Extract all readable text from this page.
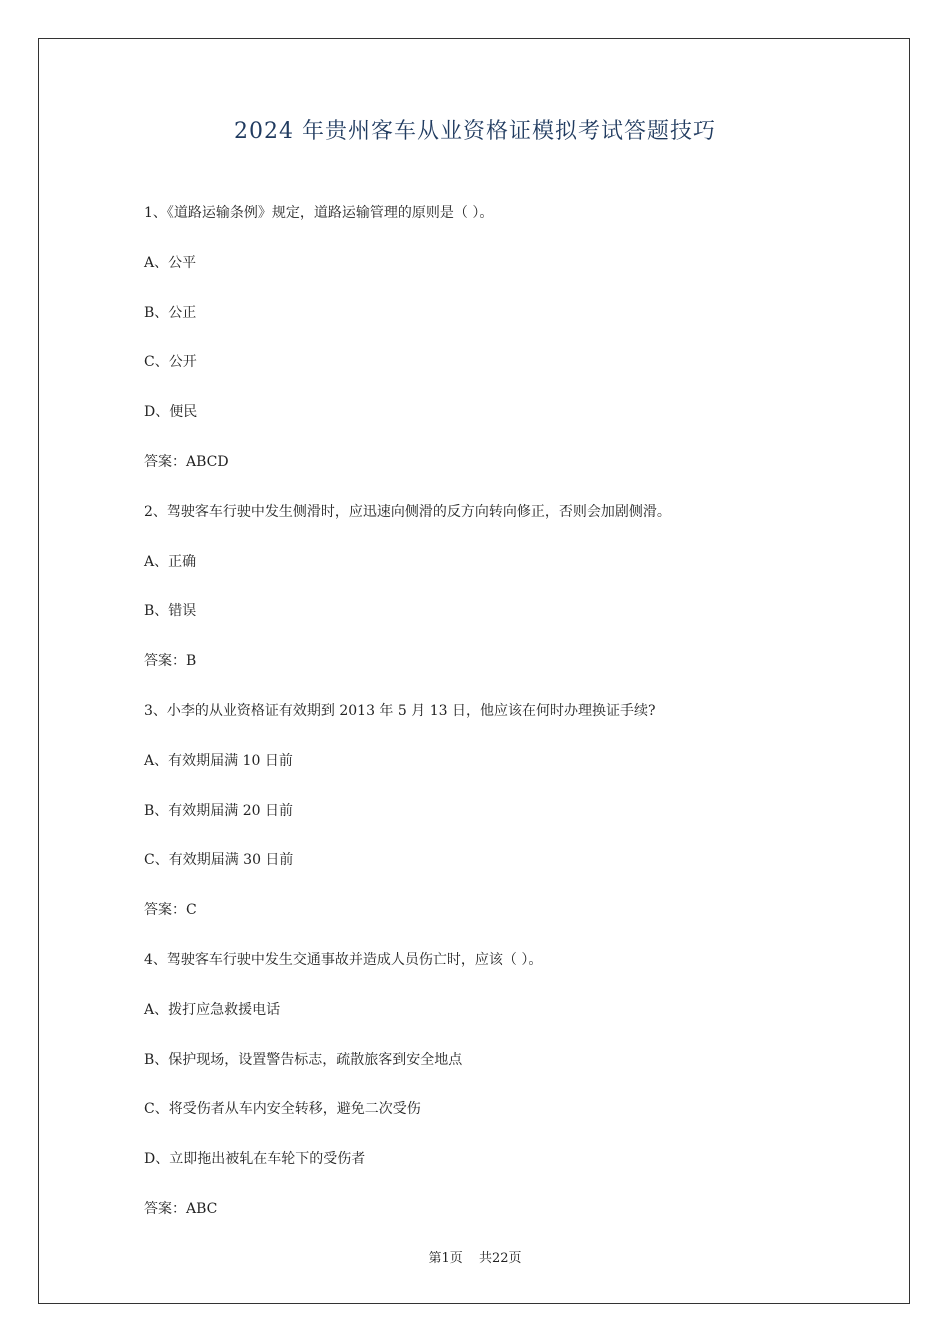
2024 年贵州客车从业资格证模拟考试答题技巧
1、《道路运输条例》规定，道路运输管理的原则是（ ）。
A、公平
B、公正
C、公开
D、便民
答案：ABCD
2、驾驶客车行驶中发生侧滑时，应迅速向侧滑的反方向转向修正，否则会加剧侧滑。
A、正确
B、错误
答案：B
3、小李的从业资格证有效期到 2013 年 5 月 13 日，他应该在何时办理换证手续?
A、有效期届满 10 日前
B、有效期届满 20 日前
C、有效期届满 30 日前
答案：C
4、驾驶客车行驶中发生交通事故并造成人员伤亡时，应该（ ）。
A、拨打应急救援电话
B、保护现场，设置警告标志，疏散旅客到安全地点
C、将受伤者从车内安全转移，避免二次受伤
D、立即拖出被轧在车轮下的受伤者
答案：ABC
第1页 共22页
